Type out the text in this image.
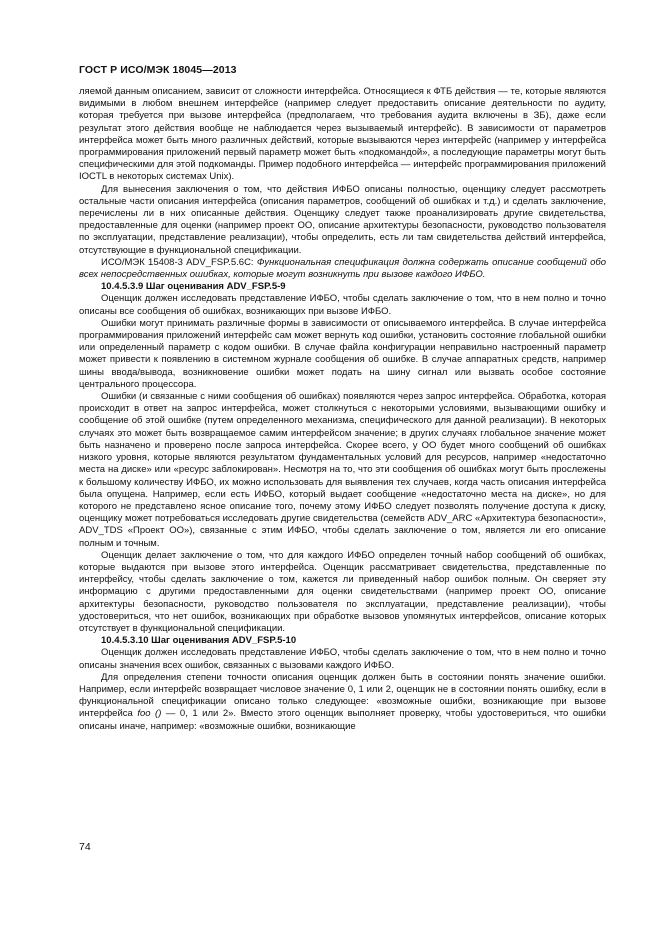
ГОСТ Р ИСО/МЭК 18045—2013

ляемой данным описанием, зависит от сложности интерфейса. Относящиеся к ФТБ действия — те, которые являются видимыми в любом внешнем интерфейсе (например следует предоставить описание деятельности по аудиту, которая требуется при вызове интерфейса (предполагаем, что требования аудита включены в ЗБ), даже если результат этого действия вообще не наблюдается через вызываемый интерфейс). В зависимости от параметров интерфейса может быть много различных действий, которые вызываются через интерфейс (например у интерфейса программирования приложений первый параметр может быть «подкомандой», а последующие параметры могут быть специфическими для этой подкоманды. Пример подобного интерфейса — интерфейс программирования приложений IOCTL в некоторых системах Unix).

Для вынесения заключения о том, что действия ИФБО описаны полностью, оценщику следует рассмотреть остальные части описания интерфейса (описания параметров, сообщений об ошибках и т.д.) и сделать заключение, перечислены ли в них описанные действия. Оценщику следует также проанализировать другие свидетельства, предоставленные для оценки (например проект ОО, описание архитектуры безопасности, руководство пользователя по эксплуатации, представление реализации), чтобы определить, есть ли там свидетельства действий интерфейса, отсутствующие в функциональной спецификации.

ИСО/МЭК 15408-3 ADV_FSP.5.6C: Функциональная спецификация должна содержать описание сообщений обо всех непосредственных ошибках, которые могут возникнуть при вызове каждого ИФБО.

10.4.5.3.9 Шаг оценивания ADV_FSP.5-9

Оценщик должен исследовать представление ИФБО, чтобы сделать заключение о том, что в нем полно и точно описаны все сообщения об ошибках, возникающих при вызове ИФБО.

Ошибки могут принимать различные формы в зависимости от описываемого интерфейса. В случае интерфейса программирования приложений интерфейс сам может вернуть код ошибки, установить состояние глобальной ошибки или определенный параметр с кодом ошибки. В случае файла конфигурации неправильно настроенный параметр может привести к появлению в системном журнале сообщения об ошибке. В случае аппаратных средств, например шины ввода/вывода, возникновение ошибки может подать на шину сигнал или вызвать особое состояние центрального процессора.

Ошибки (и связанные с ними сообщения об ошибках) появляются через запрос интерфейса. Обработка, которая происходит в ответ на запрос интерфейса, может столкнуться с некоторыми условиями, вызывающими ошибку и сообщение об этой ошибке (путем определенного механизма, специфического для данной реализации). В некоторых случаях это может быть возвращаемое самим интерфейсом значение; в других случаях глобальное значение может быть назначено и проверено после запроса интерфейса. Скорее всего, у ОО будет много сообщений об ошибках низкого уровня, которые являются результатом фундаментальных условий для ресурсов, например «недостаточно места на диске» или «ресурс заблокирован». Несмотря на то, что эти сообщения об ошибках могут быть прослежены к большому количеству ИФБО, их можно использовать для выявления тех случаев, когда часть описания интерфейса была опущена. Например, если есть ИФБО, который выдает сообщение «недостаточно места на диске», но для которого не представлено ясное описание того, почему этому ИФБО следует позволять получение доступа к диску, оценщику может потребоваться исследовать другие свидетельства (семейств ADV_ARC «Архитектура безопасности», ADV_TDS «Проект ОО»), связанные с этим ИФБО, чтобы сделать заключение о том, является ли его описание полным и точным.

Оценщик делает заключение о том, что для каждого ИФБО определен точный набор сообщений об ошибках, которые выдаются при вызове этого интерфейса. Оценщик рассматривает свидетельства, представленные по интерфейсу, чтобы сделать заключение о том, кажется ли приведенный набор ошибок полным. Он сверяет эту информацию с другими предоставленными для оценки свидетельствами (например проект ОО, описание архитектуры безопасности, руководство пользователя по эксплуатации, представление реализации), чтобы удостовериться, что нет ошибок, возникающих при обработке вызовов упомянутых интерфейсов, описание которых отсутствует в функциональной спецификации.

10.4.5.3.10 Шаг оценивания ADV_FSP.5-10

Оценщик должен исследовать представление ИФБО, чтобы сделать заключение о том, что в нем полно и точно описаны значения всех ошибок, связанных с вызовами каждого ИФБО.

Для определения степени точности описания оценщик должен быть в состоянии понять значение ошибки. Например, если интерфейс возвращает числовое значение 0, 1 или 2, оценщик не в состоянии понять ошибку, если в функциональной спецификации описано только следующее: «возможные ошибки, возникающие при вызове интерфейса foo () — 0, 1 или 2». Вместо этого оценщик выполняет проверку, чтобы удостовериться, что ошибки описаны иначе, например: «возможные ошибки, возникающие

74
